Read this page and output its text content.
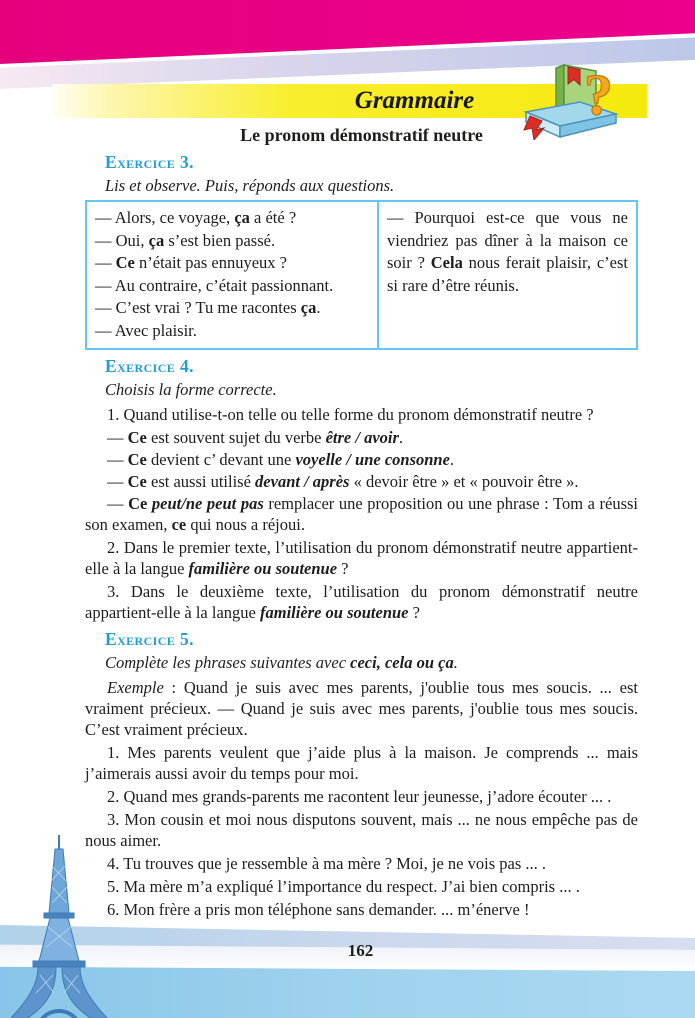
Grammaire	?
Le pronom démonstratif neutre
Exercice 3.
Lis et observe. Puis, réponds aux questions.

— Alors, ce voyage, ça a été ?

— Oui, ça s’est bien passé.

— Ce n’était pas ennuyeux ?

— Au contraire, c’était passionnant.

— C’est vrai ? Tu me racontes ça.

— Avec plaisir.

— Pourquoi est-ce que vous ne viendriez pas dîner à la maison ce soir ? Cela nous ferait plaisir, c’est si rare d’être réunis.

Exercice 4.
Choisis la forme correcte.

1. Quand utilise-t-on telle ou telle forme du pronom démonstratif neutre ?

— Ce est souvent sujet du verbe être / avoir.

— Ce devient c’ devant une voyelle / une consonne.

— Ce est aussi utilisé devant / après « devoir être » et « pouvoir être ».

— Ce peut/ne peut pas remplacer une proposition ou une phrase : Tom a réussi son examen, ce qui nous a réjoui.

2. Dans le premier texte, l’utilisation du pronom démonstratif neutre appartient-elle à la langue familière ou soutenue ?

3. Dans le deuxième texte, l’utilisation du pronom démonstratif neutre appartient-elle à la langue familière ou soutenue ?

Exercice 5.
Complète les phrases suivantes avec ceci, cela ou ça.

Exemple : Quand je suis avec mes parents, j'oublie tous mes soucis. ... est vraiment précieux. — Quand je suis avec mes parents, j'oublie tous mes soucis. C’est vraiment précieux.

1. Mes parents veulent que j’aide plus à la maison. Je comprends ... mais j’aimerais aussi avoir du temps pour moi.

2. Quand mes grands-parents me racontent leur jeunesse, j’adore écouter ... .

3. Mon cousin et moi nous disputons souvent, mais ... ne nous empêche pas de nous aimer.

4. Tu trouves que je ressemble à ma mère ? Moi, je ne vois pas ... .

5. Ma mère m’a expliqué l’importance du respect. J’ai bien compris ... .

6. Mon frère a pris mon téléphone sans demander. ... m’énerve !

162
